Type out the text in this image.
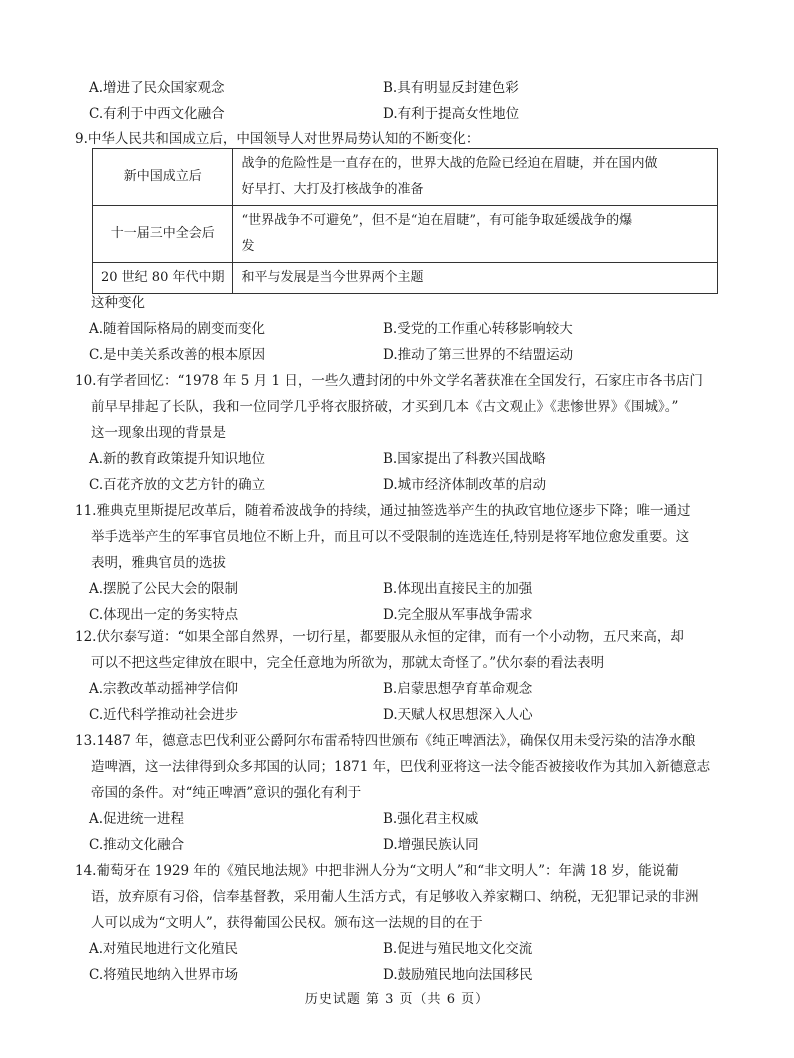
A.增进了民众国家观念	B.具有明显反封建色彩
C.有利于中西文化融合	D.有利于提高女性地位
9.中华人民共和国成立后，中国领导人对世界局势认知的不断变化：
新中国成立后	战争的危险性是一直存在的，世界大战的危险已经迫在眉睫，并在国内做
好早打、大打及打核战争的准备

十一届三中全会后	“世界战争不可避免”，但不是“迫在眉睫”，有可能争取延缓战争的爆
发

20 世纪 80 年代中期	和平与发展是当今世界两个主题
这种变化
A.随着国际格局的剧变而变化	B.受党的工作重心转移影响较大
C.是中美关系改善的根本原因	D.推动了第三世界的不结盟运动
10.有学者回忆：“1978 年 5 月 1 日，一些久遭封闭的中外文学名著获准在全国发行，石家庄市各书店门
前早早排起了长队，我和一位同学几乎将衣服挤破，才买到几本《古文观止》《悲惨世界》《围城》。”
这一现象出现的背景是
A.新的教育政策提升知识地位	B.国家提出了科教兴国战略
C.百花齐放的文艺方针的确立	D.城市经济体制改革的启动
11.雅典克里斯提尼改革后，随着希波战争的持续，通过抽签选举产生的执政官地位逐步下降；唯一通过
举手选举产生的军事官员地位不断上升，而且可以不受限制的连选连任,特别是将军地位愈发重要。这
表明，雅典官员的选拔
A.摆脱了公民大会的限制	B.体现出直接民主的加强
C.体现出一定的务实特点	D.完全服从军事战争需求
12.伏尔泰写道：“如果全部自然界，一切行星，都要服从永恒的定律，而有一个小动物，五尺来高，却
可以不把这些定律放在眼中，完全任意地为所欲为，那就太奇怪了。”伏尔泰的看法表明
A.宗教改革动摇神学信仰	B.启蒙思想孕育革命观念
C.近代科学推动社会进步	D.天赋人权思想深入人心
13.1487 年，德意志巴伐利亚公爵阿尔布雷希特四世颁布《纯正啤酒法》，确保仅用未受污染的洁净水酿
造啤酒，这一法律得到众多邦国的认同；1871 年，巴伐利亚将这一法令能否被接收作为其加入新德意志
帝国的条件。对“纯正啤酒”意识的强化有利于
A.促进统一进程	B.强化君主权威
C.推动文化融合	D.增强民族认同
14.葡萄牙在 1929 年的《殖民地法规》中把非洲人分为“文明人”和“非文明人”：年满 18 岁，能说葡
语，放弃原有习俗，信奉基督教，采用葡人生活方式，有足够收入养家糊口、纳税，无犯罪记录的非洲
人可以成为“文明人”，获得葡国公民权。颁布这一法规的目的在于
A.对殖民地进行文化殖民	B.促进与殖民地文化交流
C.将殖民地纳入世界市场	D.鼓励殖民地向法国移民
历史试题 第 3 页（共 6 页）
